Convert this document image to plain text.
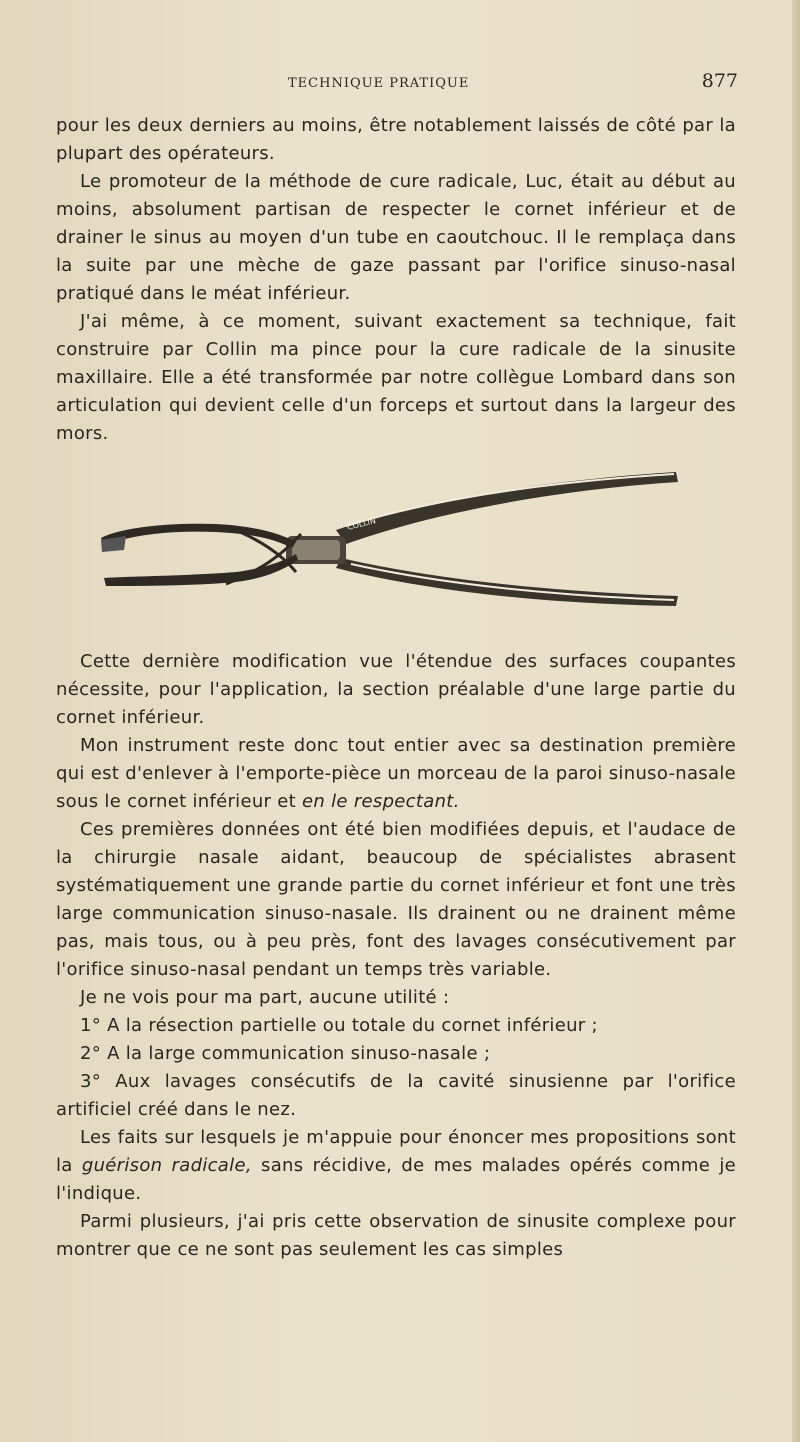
TECHNIQUE PRATIQUE	877

pour les deux derniers au moins, être notablement laissés de côté par la plupart des opérateurs.

Le promoteur de la méthode de cure radicale, Luc, était au début au moins, absolument partisan de respecter le cornet inférieur et de drainer le sinus au moyen d'un tube en caoutchouc. Il le remplaça dans la suite par une mèche de gaze passant par l'orifice sinuso-nasal pratiqué dans le méat inférieur.

J'ai même, à ce moment, suivant exactement sa technique, fait construire par Collin ma pince pour la cure radicale de la sinusite maxillaire. Elle a été transformée par notre collègue Lombard dans son articulation qui devient celle d'un forceps et surtout dans la largeur des mors.

COLLIN

Cette dernière modification vue l'étendue des surfaces coupantes nécessite, pour l'application, la section préalable d'une large partie du cornet inférieur.

Mon instrument reste donc tout entier avec sa destination première qui est d'enlever à l'emporte-pièce un morceau de la paroi sinuso-nasale sous le cornet inférieur et en le respectant.

Ces premières données ont été bien modifiées depuis, et l'audace de la chirurgie nasale aidant, beaucoup de spécialistes abrasent systématiquement une grande partie du cornet inférieur et font une très large communication sinuso-nasale. Ils drainent ou ne drainent même pas, mais tous, ou à peu près, font des lavages consécutivement par l'orifice sinuso-nasal pendant un temps très variable.

Je ne vois pour ma part, aucune utilité :

1° A la résection partielle ou totale du cornet inférieur ;

2° A la large communication sinuso-nasale ;

3° Aux lavages consécutifs de la cavité sinusienne par l'orifice artificiel créé dans le nez.

Les faits sur lesquels je m'appuie pour énoncer mes propositions sont la guérison radicale, sans récidive, de mes malades opérés comme je l'indique.

Parmi plusieurs, j'ai pris cette observation de sinusite complexe pour montrer que ce ne sont pas seulement les cas simples
